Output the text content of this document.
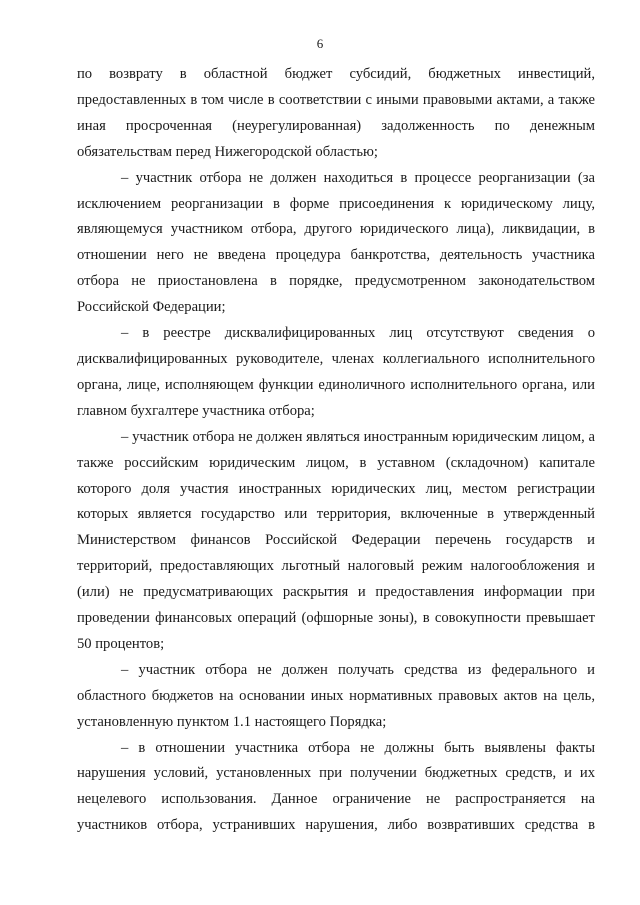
6

по возврату в областной бюджет субсидий, бюджетных инвестиций, предоставленных в том числе в соответствии с иными правовыми актами, а также иная просроченная (неурегулированная) задолженность по денежным обязательствам перед Нижегородской областью;

– участник отбора не должен находиться в процессе реорганизации (за исключением реорганизации в форме присоединения к юридическому лицу, являющемуся участником отбора, другого юридического лица), ликвидации, в отношении него не введена процедура банкротства, деятельность участника отбора не приостановлена в порядке, предусмотренном законодательством Российской Федерации;

– в реестре дисквалифицированных лиц отсутствуют сведения о дисквалифицированных руководителе, членах коллегиального исполнительного органа, лице, исполняющем функции единоличного исполнительного органа, или главном бухгалтере участника отбора;

– участник отбора не должен являться иностранным юридическим лицом, а также российским юридическим лицом, в уставном (складочном) капитале которого доля участия иностранных юридических лиц, местом регистрации которых является государство или территория, включенные в утвержденный Министерством финансов Российской Федерации перечень государств и территорий, предоставляющих льготный налоговый режим налогообложения и (или) не предусматривающих раскрытия и предоставления информации при проведении финансовых операций (офшорные зоны), в совокупности превышает 50 процентов;

– участник отбора не должен получать средства из федерального и областного бюджетов на основании иных нормативных правовых актов на цель, установленную пунктом 1.1 настоящего Порядка;

– в отношении участника отбора не должны быть выявлены факты нарушения условий, установленных при получении бюджетных средств, и их нецелевого использования. Данное ограничение не распространяется на участников отбора, устранивших нарушения, либо возвративших средства в
